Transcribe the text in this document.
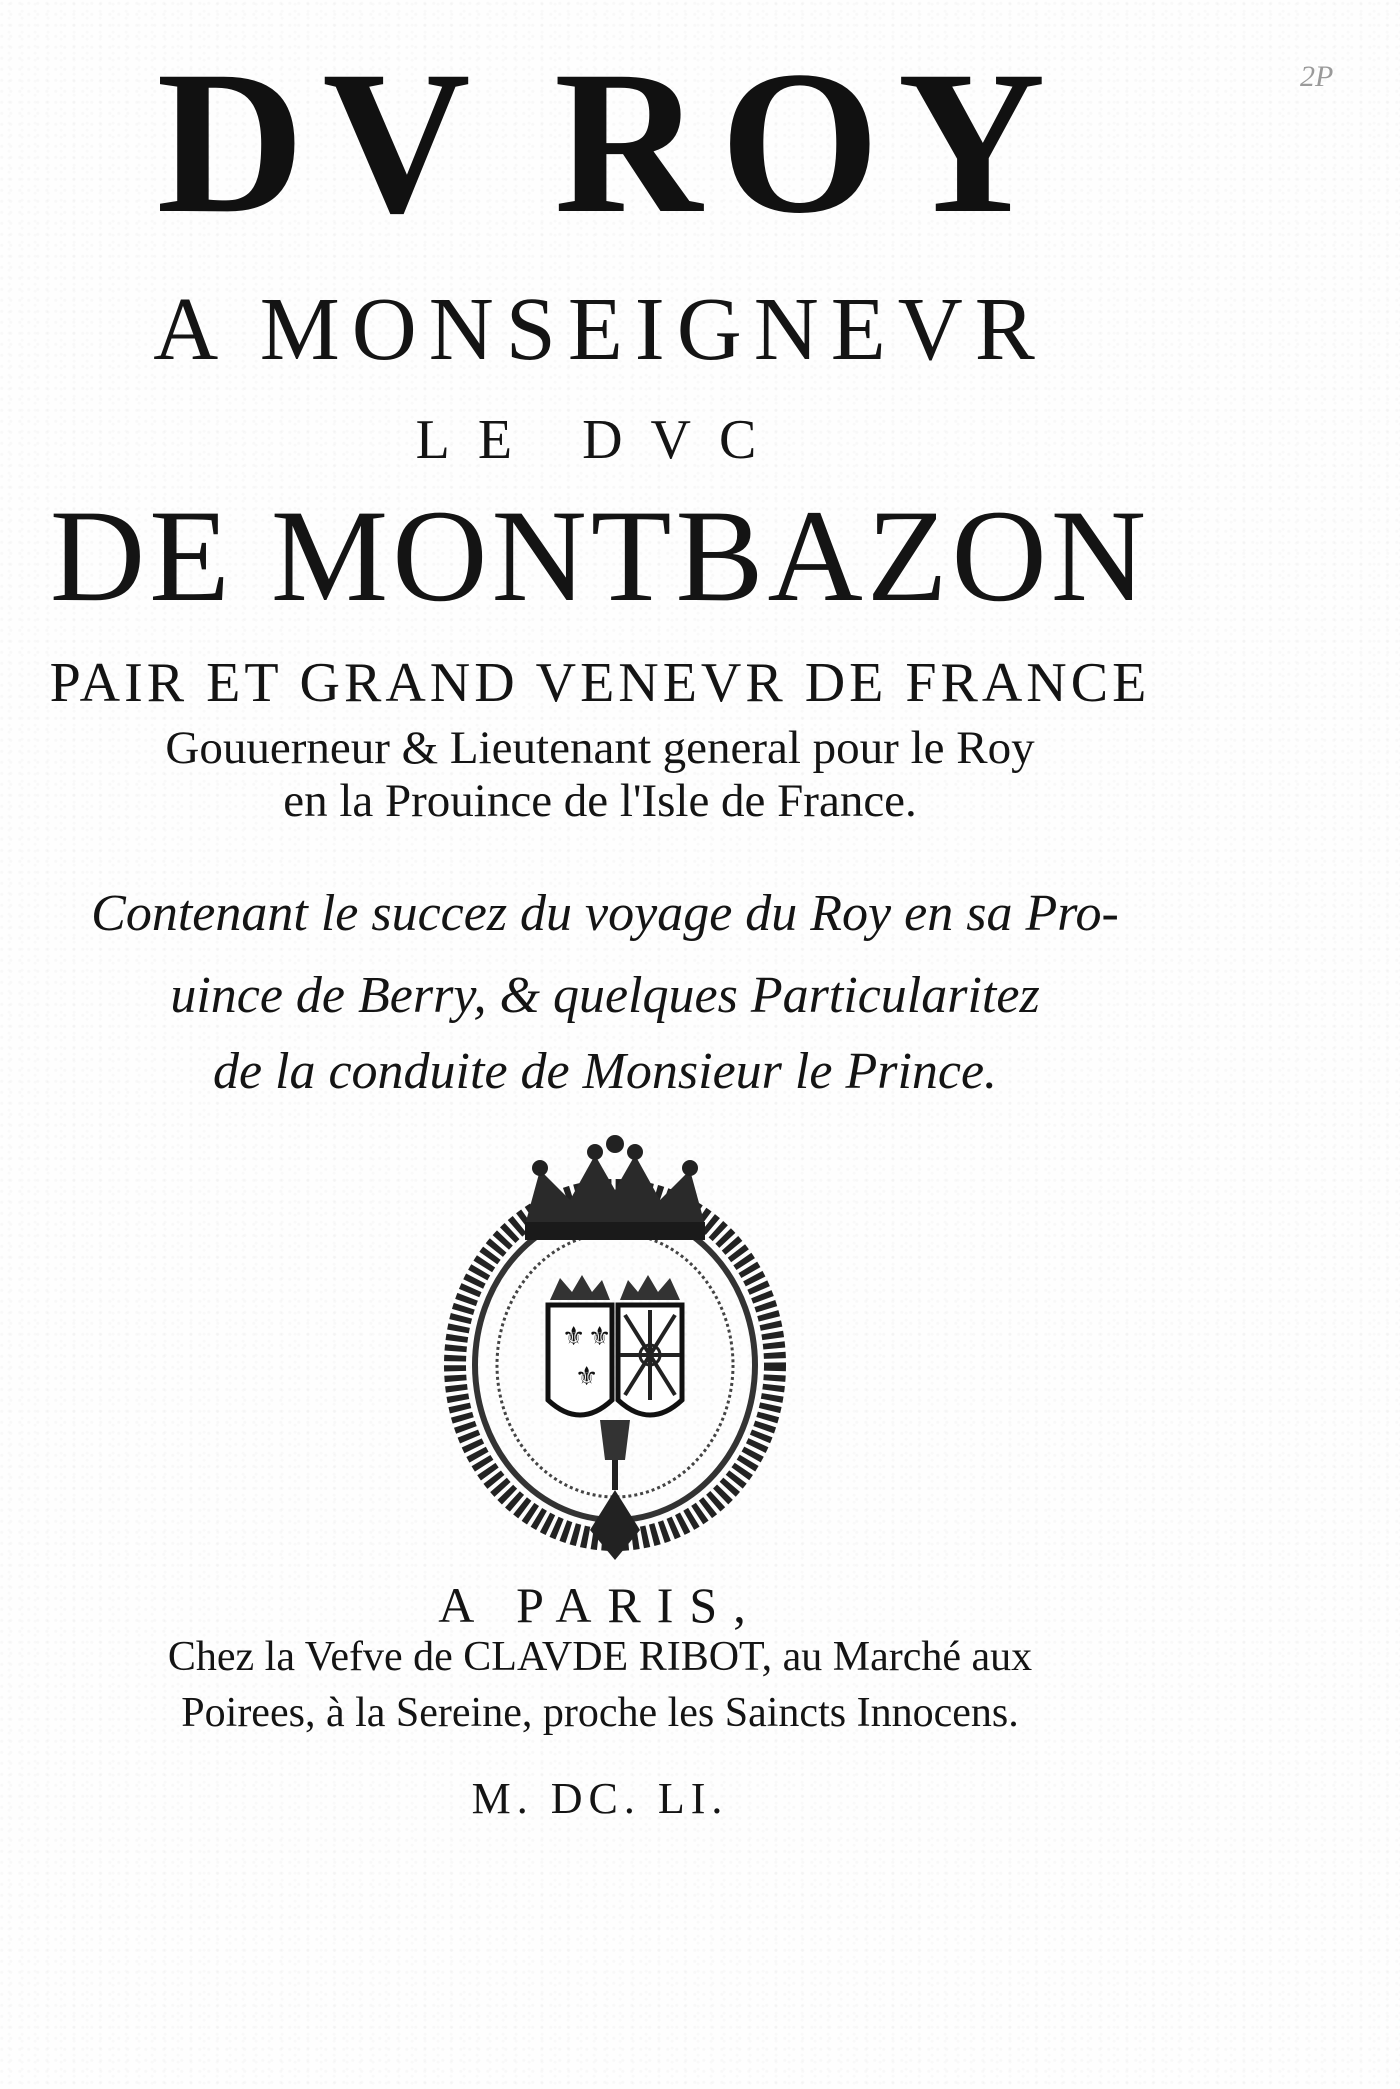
DV ROY
A MONSEIGNEVR
LE DVC
DE MONTBAZON
PAIR ET GRAND VENEVR DE FRANCE
Gouuerneur & Lieutenant general pour le Roy
en la Prouince de l'Isle de France.
Contenant le succez du voyage du Roy en sa Pro-
uince de Berry, & quelques Particularitez
de la conduite de Monsieur le Prince.
⚜ ⚜
⚜
A PARIS,
Chez la Vefve de CLAVDE RIBOT, au Marché aux
Poirees, à la Sereine, proche les Saincts Innocens.
M. DC. LI.
2P
